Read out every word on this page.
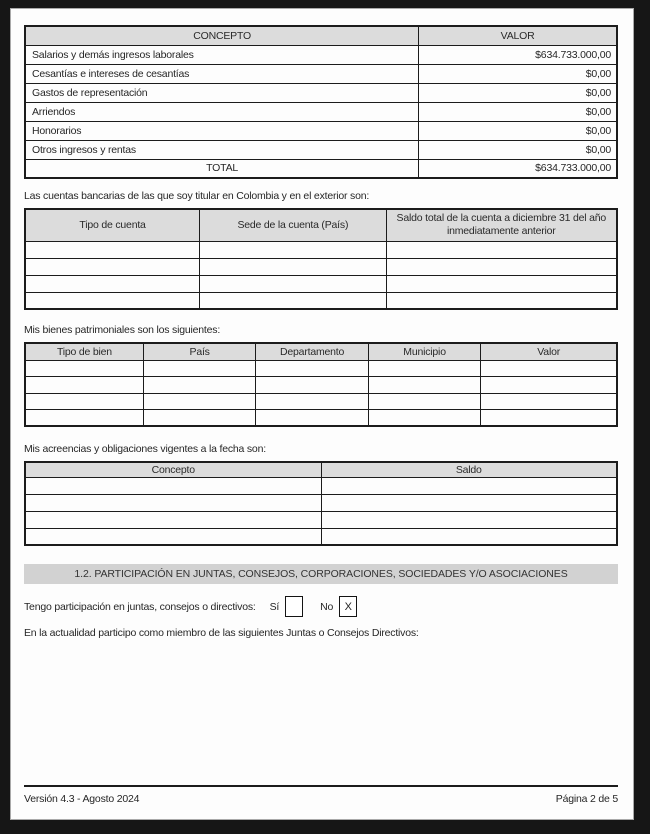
CONCEPTO	VALOR
Salarios y demás ingresos laborales	$634.733.000,00
Cesantías e intereses de cesantías	$0,00
Gastos de representación	$0,00
Arriendos	$0,00
Honorarios	$0,00
Otros ingresos y rentas	$0,00
TOTAL	$634.733.000,00

Las cuentas bancarias de las que soy titular en Colombia y en el exterior son:

Tipo de cuenta	Sede de la cuenta (País)	Saldo total de la cuenta a diciembre 31 del año inmediatamente anterior

Mis bienes patrimoniales son los siguientes:

Tipo de bien	País	Departamento	Municipio	Valor

Mis acreencias y obligaciones vigentes a la fecha son:

Concepto	Saldo

1.2. PARTICIPACIÓN EN JUNTAS, CONSEJOS, CORPORACIONES, SOCIEDADES Y/O ASOCIACIONES
Tengo participación en juntas, consejos o directivos: Sí	No	X

En la actualidad participo como miembro de las siguientes Juntas o Consejos Directivos:

Versión 4.3 - Agosto 2024	Página 2 de 5
